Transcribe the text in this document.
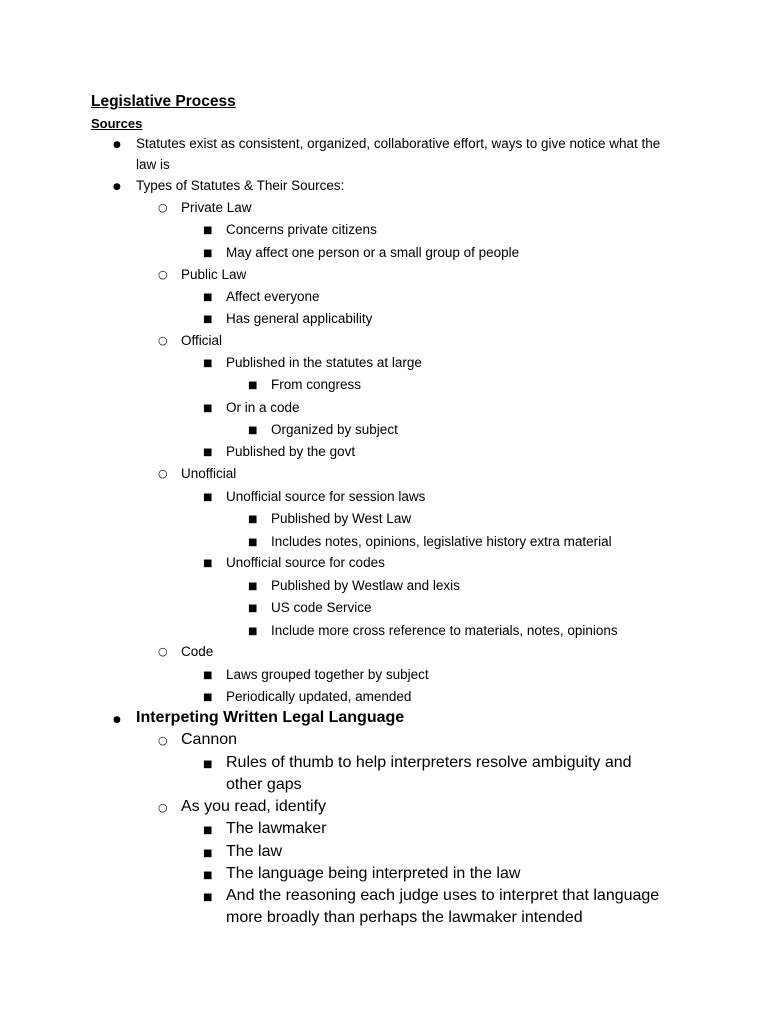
Legislative Process
Sources
●
Statutes exist as consistent, organized, collaborative effort, ways to give notice what the
law is
●
Types of Statutes & Their Sources:
○
Private Law
■
Concerns private citizens
■
May affect one person or a small group of people
○
Public Law
■
Affect everyone
■
Has general applicability
○
Official
■
Published in the statutes at large
■
From congress
■
Or in a code
■
Organized by subject
■
Published by the govt
○
Unofficial
■
Unofficial source for session laws
■
Published by West Law
■
Includes notes, opinions, legislative history extra material
■
Unofficial source for codes
■
Published by Westlaw and lexis
■
US code Service
■
Include more cross reference to materials, notes, opinions
○
Code
■
Laws grouped together by subject
■
Periodically updated, amended
●
Interpeting Written Legal Language
○
Cannon
■
Rules of thumb to help interpreters resolve ambiguity and
other gaps
○
As you read, identify
■
The lawmaker
■
The law
■
The language being interpreted in the law
■
And the reasoning each judge uses to interpret that language
more broadly than perhaps the lawmaker intended
